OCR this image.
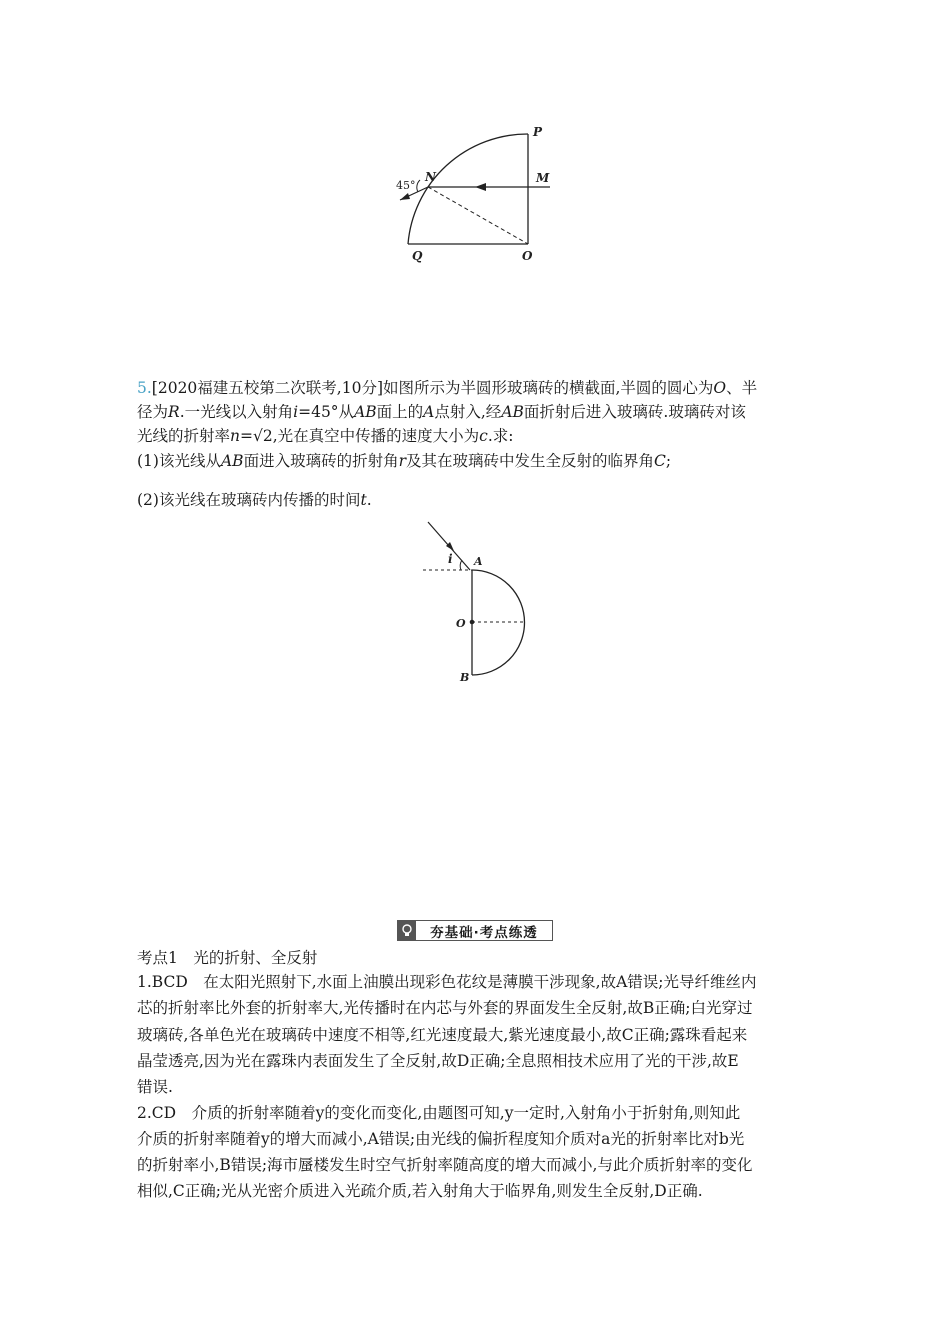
P
M
N
45°
Q	O
5.[2020福建五校第二次联考,10分]如图所示为半圆形玻璃砖的横截面,半圆的圆心为O、半
径为R.一光线以入射角i=45°从AB面上的A点射入,经AB面折射后进入玻璃砖.玻璃砖对该
光线的折射率n=√2,光在真空中传播的速度大小为c.求:
(1)该光线从AB面进入玻璃砖的折射角r及其在玻璃砖中发生全反射的临界角C;
(2)该光线在玻璃砖内传播的时间t.
i A
O
B
夯基础·考点练透
考点1　光的折射、全反射
1.BCD　在太阳光照射下,水面上油膜出现彩色花纹是薄膜干涉现象,故A错误;光导纤维丝内
芯的折射率比外套的折射率大,光传播时在内芯与外套的界面发生全反射,故B正确;白光穿过
玻璃砖,各单色光在玻璃砖中速度不相等,红光速度最大,紫光速度最小,故C正确;露珠看起来
晶莹透亮,因为光在露珠内表面发生了全反射,故D正确;全息照相技术应用了光的干涉,故E
错误.
2.CD　介质的折射率随着y的变化而变化,由题图可知,y一定时,入射角小于折射角,则知此
介质的折射率随着y的增大而减小,A错误;由光线的偏折程度知介质对a光的折射率比对b光
的折射率小,B错误;海市蜃楼发生时空气折射率随高度的增大而减小,与此介质折射率的变化
相似,C正确;光从光密介质进入光疏介质,若入射角大于临界角,则发生全反射,D正确.
